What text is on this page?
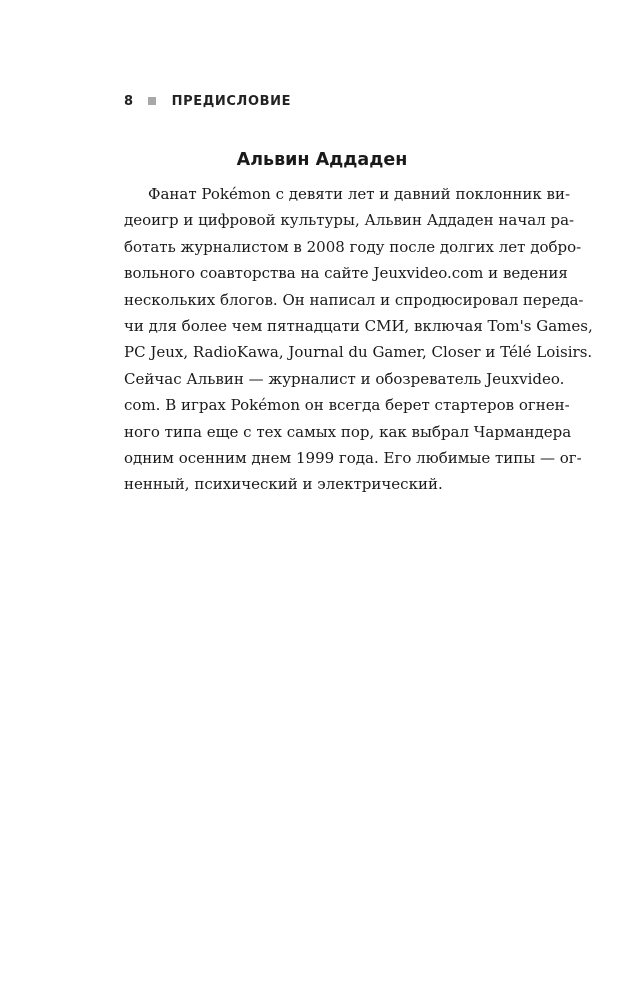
8	ПРЕДИСЛОВИЕ
Альвин Аддаден

Фанат Pokémon с девяти лет и давний поклонник ви-
деоигр и цифровой культуры, Альвин Аддаден начал ра-
ботать журналистом в 2008 году после долгих лет добро-
вольного соавторства на сайте Jeuxvideo.com и ведения
нескольких блогов. Он написал и спродюсировал переда-
чи для более чем пятнадцати СМИ, включая Tom's Games,
PC Jeux, RadioKawa, Journal du Gamer, Closer и Télé Loisirs.
Сейчас Альвин — журналист и обозреватель Jeuxvideo.
com. В играх Pokémon он всегда берет стартеров огнен-
ного типа еще с тех самых пор, как выбрал Чармандера
одним осенним днем 1999 года. Его любимые типы — ог-
ненный, психический и электрический.
